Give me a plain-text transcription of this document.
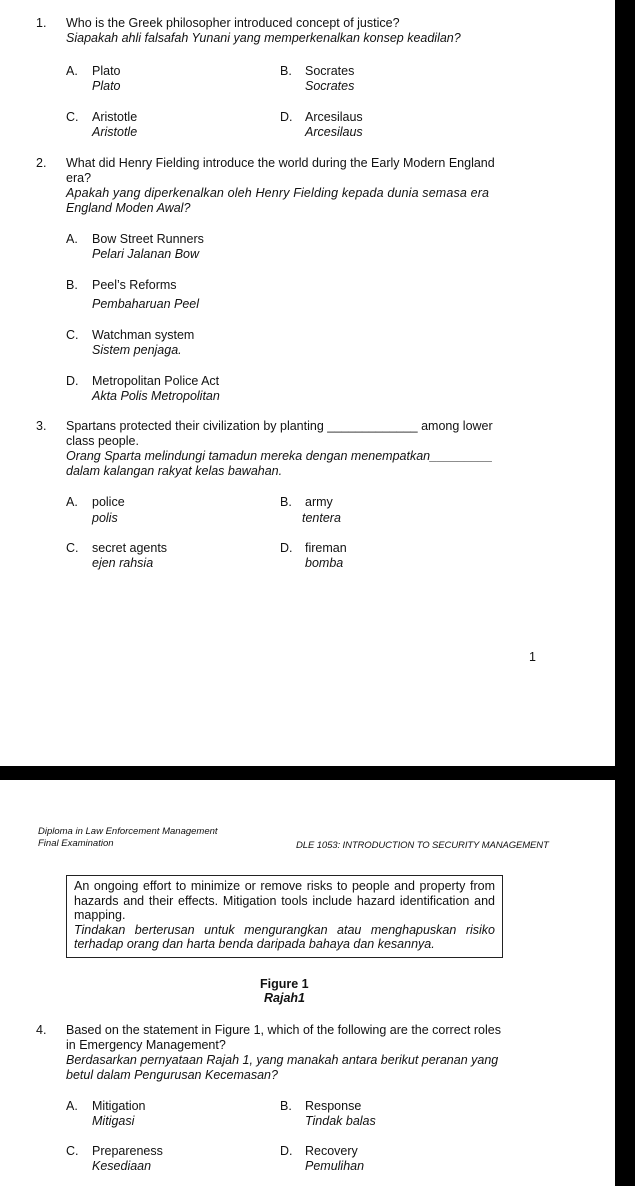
1. Who is the Greek philosopher introduced concept of justice?
Siapakah ahli falsafah Yunani yang memperkenalkan konsep keadilan?
A. Plato
Plato
B. Socrates
Socrates
C. Aristotle
Aristotle
D. Arcesilaus
Arcesilaus
2. What did Henry Fielding introduce the world during the Early Modern England
era?
Apakah yang diperkenalkan oleh Henry Fielding kepada dunia semasa era
England Moden Awal?
A. Bow Street Runners
Pelari Jalanan Bow
B. Peel’s Reforms
Pembaharuan Peel
C. Watchman system
Sistem penjaga.
D. Metropolitan Police Act
Akta Polis Metropolitan
3. Spartans protected their civilization by planting _____________ among lower
class people.
Orang Sparta melindungi tamadun mereka dengan menempatkan_________
dalam kalangan rakyat kelas bawahan.
A. police
polis
B. army
tentera
C. secret agents
ejen rahsia
D. fireman
bomba
1
Diploma in Law Enforcement Management
Final Examination	DLE 1053: INTRODUCTION TO SECURITY MANAGEMENT

An ongoing effort to minimize or remove risks to people and property from hazards and their effects. Mitigation tools include hazard identification and mapping.

Tindakan berterusan untuk mengurangkan atau menghapuskan risiko terhadap orang dan harta benda daripada bahaya dan kesannya.

Figure 1
Rajah1
4. Based on the statement in Figure 1, which of the following are the correct roles
in Emergency Management?
Berdasarkan pernyataan Rajah 1, yang manakah antara berikut peranan yang
betul dalam Pengurusan Kecemasan?
A. Mitigation
Mitigasi
B. Response
Tindak balas
C. Prepareness
Kesediaan
D. Recovery
Pemulihan
